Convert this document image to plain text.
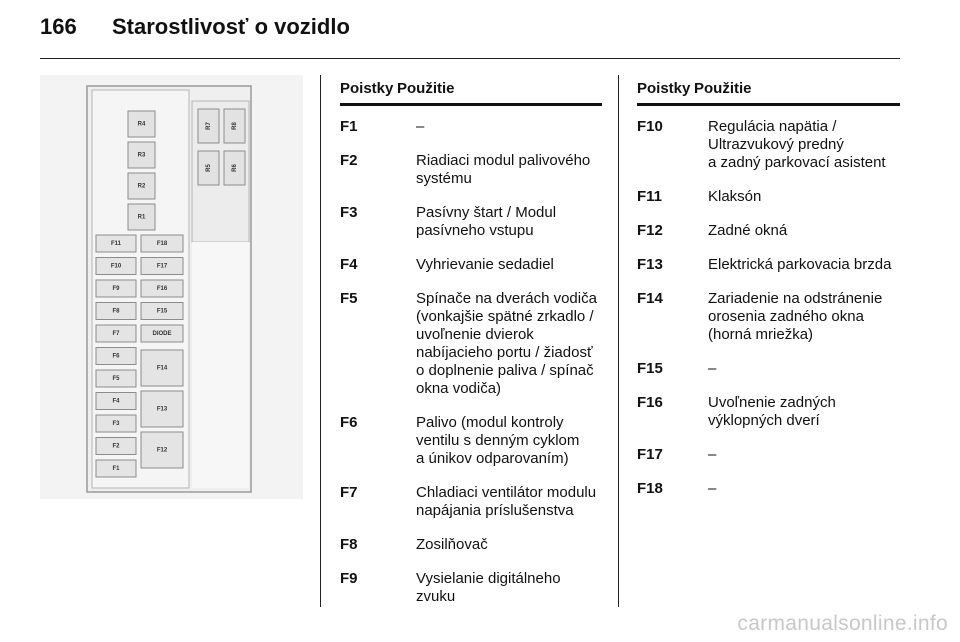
166 Starostlivosť o vozidlo
R4
R3
R2
R1
R7	R8
R5	R6
F11
F10
F9
F8
F7
F6
F5
F4
F3
F2
F1
F18
F17
F16
F15
DIODE
F14
F13
F12
Poistky Použitie
F1	–
F2	Riadiaci modul palivového
systému
F3	Pasívny štart / Modul
pasívneho vstupu
F4	Vyhrievanie sedadiel
F5	Spínače na dverách vodiča
(vonkajšie spätné zrkadlo /
uvoľnenie dvierok
nabíjacieho portu / žiadosť
o doplnenie paliva / spínač
okna vodiča)
F6	Palivo (modul kontroly
ventilu s denným cyklom
a únikov odparovaním)
F7	Chladiaci ventilátor modulu
napájania príslušenstva
F8	Zosilňovač
F9	Vysielanie digitálneho
zvuku
Poistky Použitie
F10	Regulácia napätia /
Ultrazvukový predný
a zadný parkovací asistent
F11	Klaksón
F12	Zadné okná
F13	Elektrická parkovacia brzda
F14	Zariadenie na odstránenie
orosenia zadného okna
(horná mriežka)
F15	–
F16	Uvoľnenie zadných
výklopných dverí
F17	–
F18	–
carmanualsonline.info
